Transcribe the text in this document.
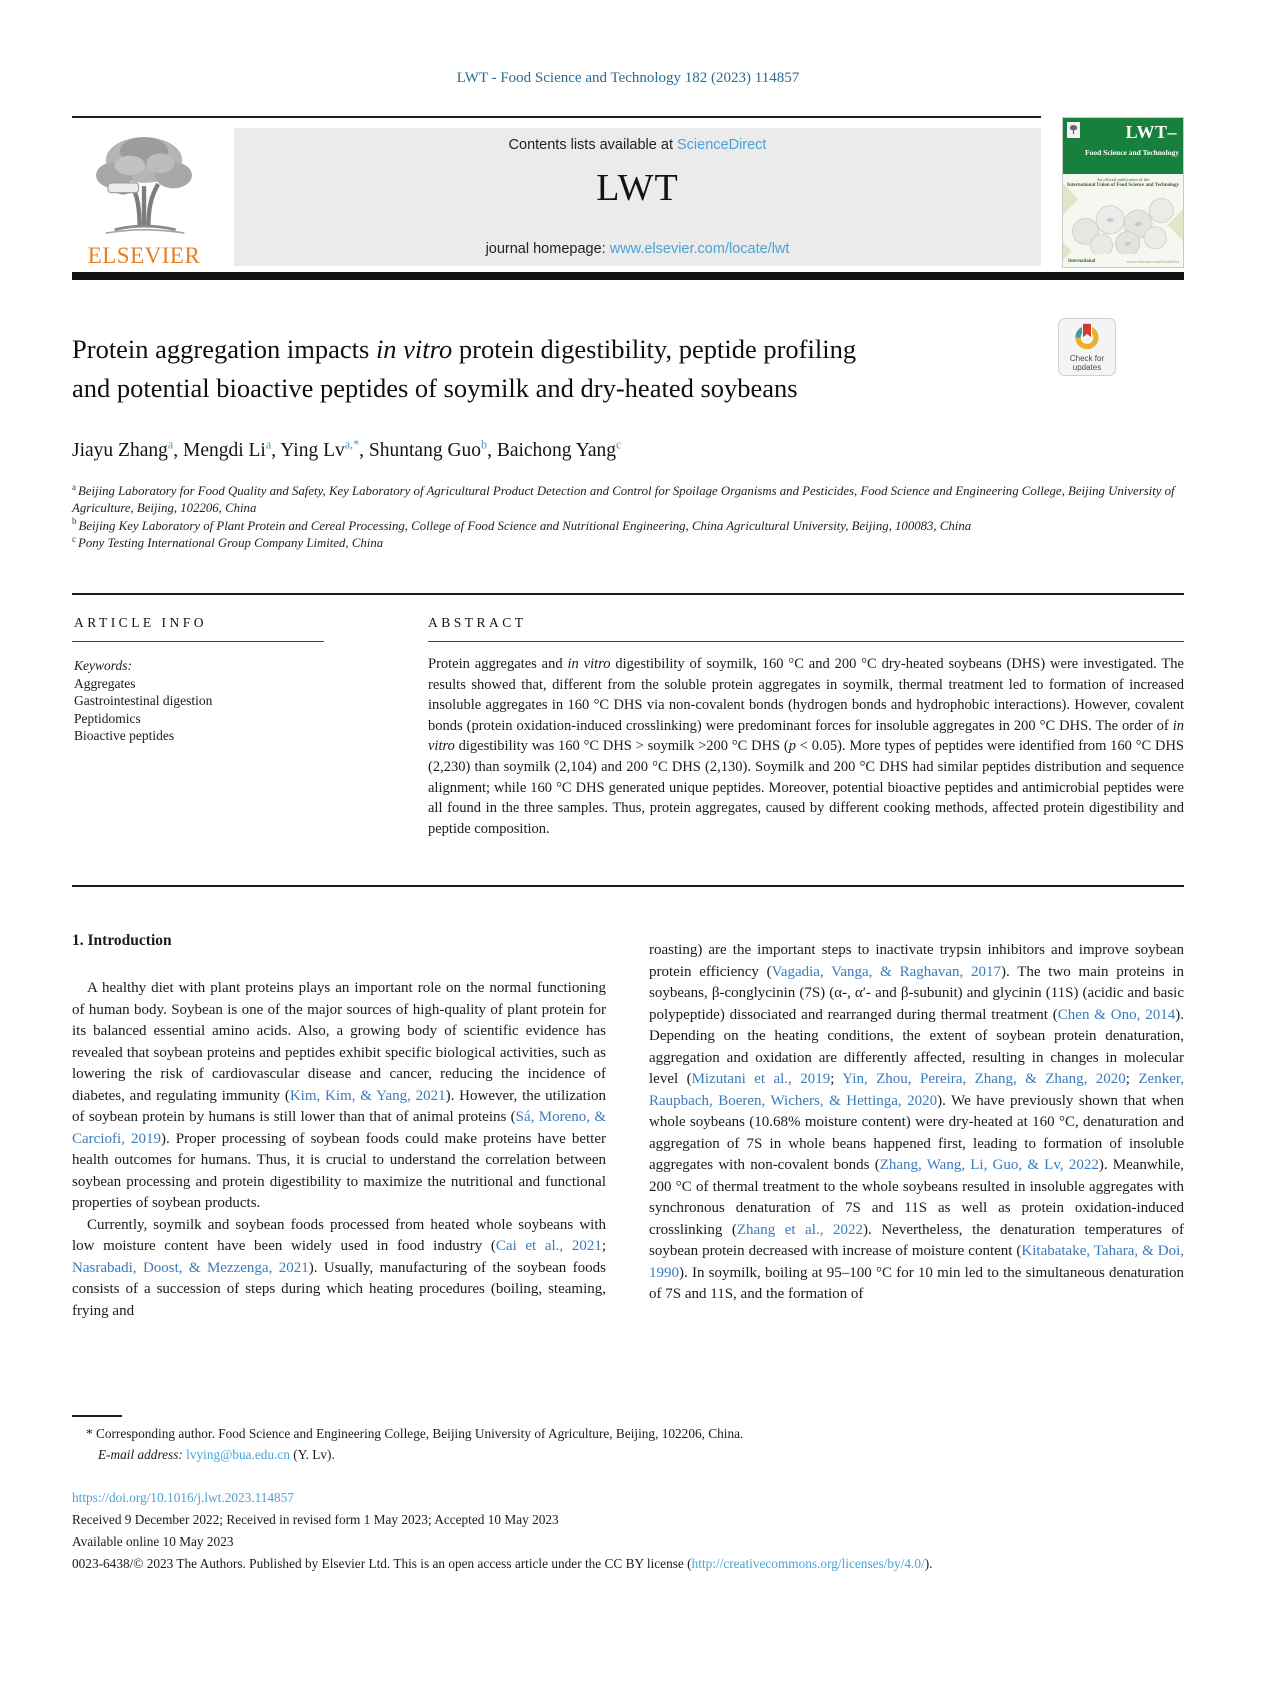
LWT - Food Science and Technology 182 (2023) 114857
ELSEVIER
Contents lists available at ScienceDirect
LWT
journal homepage: www.elsevier.com/locate/lwt
LWT–
Food Science and Technology
An official publication of the
International Union of Food Science and Technology
International	www.elsevier.com/locate/lwt
Protein aggregation impacts in vitro protein digestibility, peptide profiling
and potential bioactive peptides of soymilk and dry-heated soybeans
Check for
updates
Jiayu Zhang$^a$, Mengdi Li$^a$, Ying $Lv^{a,*}$, Shuntang Guo$^b$, Baichong Yang$^c$
$^a$ Beijing Laboratory for Food Quality and Safety, Key Laboratory of Agricultural Product Detection and Control for Spoilage Organisms and Pesticides, Food Science and Engineering College, Beijing University of Agriculture, Beijing, 102206, China
$^b$ Beijing Key Laboratory of Plant Protein and Cereal Processing, College of Food Science and Nutritional Engineering, China Agricultural University, Beijing, 100083, China
$^c$ Pony Testing International Group Company Limited, China
ARTICLE INFO	ABSTRACT
Keywords:
Aggregates
Gastrointestinal digestion
Peptidomics
Bioactive peptides
Protein aggregates and in vitro digestibility of soymilk, 160 °C and 200 °C dry-heated soybeans (DHS) were investigated. The results showed that, different from the soluble protein aggregates in soymilk, thermal treatment led to formation of increased insoluble aggregates in 160 °C DHS via non-covalent bonds (hydrogen bonds and hydrophobic interactions). However, covalent bonds (protein oxidation-induced crosslinking) were predominant forces for insoluble aggregates in 200 °C DHS. The order of in vitro digestibility was 160 °C DHS > soymilk >200 °C DHS (p < 0.05). More types of peptides were identified from 160 °C DHS (2,230) than soymilk (2,104) and 200 °C DHS (2,130). Soymilk and 200 °C DHS had similar peptides distribution and sequence alignment; while 160 °C DHS generated unique peptides. Moreover, potential bioactive peptides and antimicrobial peptides were all found in the three samples. Thus, protein aggregates, caused by different cooking methods, affected protein digestibility and peptide composition.
1. Introduction
A healthy diet with plant proteins plays an important role on the normal functioning of human body. Soybean is one of the major sources of high-quality of plant protein for its balanced essential amino acids. Also, a growing body of scientific evidence has revealed that soybean proteins and peptides exhibit specific biological activities, such as lowering the risk of cardiovascular disease and cancer, reducing the incidence of diabetes, and regulating immunity (Kim, Kim, & Yang, 2021). However, the utilization of soybean protein by humans is still lower than that of animal proteins (Sá, Moreno, & Carciofi, 2019). Proper processing of soybean foods could make proteins have better health outcomes for humans. Thus, it is crucial to understand the correlation between soybean processing and protein digestibility to maximize the nutritional and functional properties of soybean products.
Currently, soymilk and soybean foods processed from heated whole soybeans with low moisture content have been widely used in food industry (Cai et al., 2021; Nasrabadi, Doost, & Mezzenga, 2021). Usually, manufacturing of the soybean foods consists of a succession of steps during which heating procedures (boiling, steaming, frying and
roasting) are the important steps to inactivate trypsin inhibitors and improve soybean protein efficiency (Vagadia, Vanga, & Raghavan, 2017). The two main proteins in soybeans, β-conglycinin (7S) (α-, α′- and β-subunit) and glycinin (11S) (acidic and basic polypeptide) dissociated and rearranged during thermal treatment (Chen & Ono, 2014). Depending on the heating conditions, the extent of soybean protein denaturation, aggregation and oxidation are differently affected, resulting in changes in molecular level (Mizutani et al., 2019; Yin, Zhou, Pereira, Zhang, & Zhang, 2020; Zenker, Raupbach, Boeren, Wichers, & Hettinga, 2020). We have previously shown that when whole soybeans (10.68% moisture content) were dry-heated at 160 °C, denaturation and aggregation of 7S in whole beans happened first, leading to formation of insoluble aggregates with non-covalent bonds (Zhang, Wang, Li, Guo, & Lv, 2022). Meanwhile, 200 °C of thermal treatment to the whole soybeans resulted in insoluble aggregates with synchronous denaturation of 7S and 11S as well as protein oxidation-induced crosslinking (Zhang et al., 2022). Nevertheless, the denaturation temperatures of soybean protein decreased with increase of moisture content (Kitabatake, Tahara, & Doi, 1990). In soymilk, boiling at 95–100 °C for 10 min led to the simultaneous denaturation of 7S and 11S, and the formation of
* Corresponding author. Food Science and Engineering College, Beijing University of Agriculture, Beijing, 102206, China.
E-mail address: lvying@bua.edu.cn (Y. Lv).
https://doi.org/10.1016/j.lwt.2023.114857
Received 9 December 2022; Received in revised form 1 May 2023; Accepted 10 May 2023
Available online 10 May 2023
0023-6438/© 2023 The Authors. Published by Elsevier Ltd. This is an open access article under the CC BY license (http://creativecommons.org/licenses/by/4.0/).
